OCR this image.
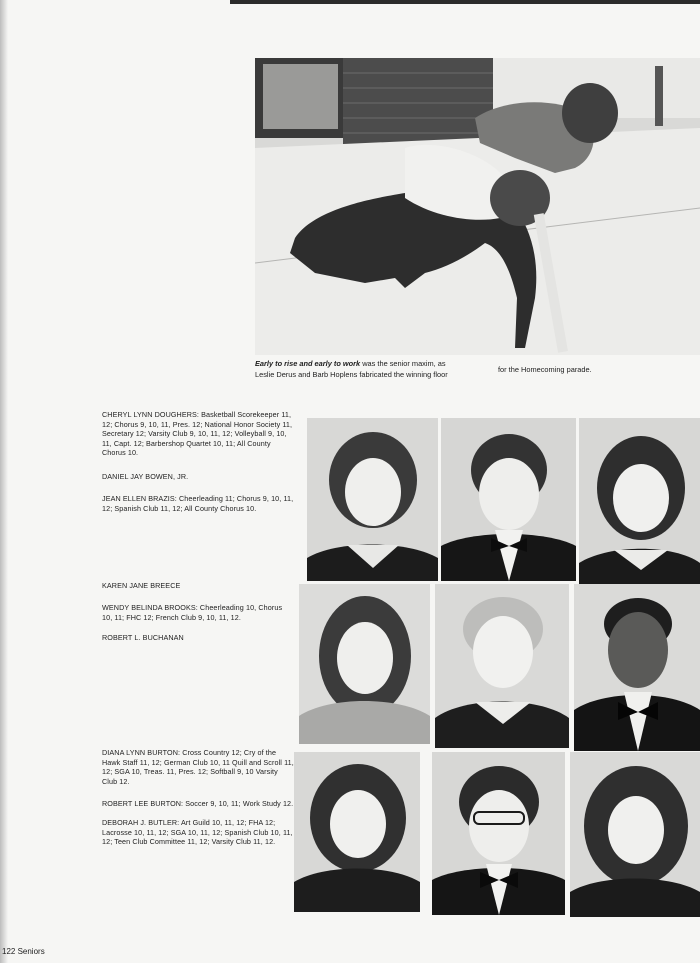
Early to rise and early to work was the senior maxim, as Leslie Derus and Barb Hoplens fabricated the winning floor
for the Homecoming parade.
CHERYL LYNN DOUGHERS: Basketball Scorekeeper 11, 12; Chorus 9, 10, 11, Pres. 12; National Honor Society 11, Secretary 12; Varsity Club 9, 10, 11, 12; Volleyball 9, 10, 11, Capt. 12; Barbershop Quartet 10, 11; All County Chorus 10.
DANIEL JAY BOWEN, JR.
JEAN ELLEN BRAZIS: Cheerleading 11; Chorus 9, 10, 11, 12; Spanish Club 11, 12; All County Chorus 10.
KAREN JANE BREECE
WENDY BELINDA BROOKS: Cheerleading 10, Chorus 10, 11; FHC 12; French Club 9, 10, 11, 12.
ROBERT L. BUCHANAN
DIANA LYNN BURTON: Cross Country 12; Cry of the Hawk Staff 11, 12; German Club 10, 11 Quill and Scroll 11, 12; SGA 10, Treas. 11, Pres. 12; Softball 9, 10 Varsity Club 12.
ROBERT LEE BURTON: Soccer 9, 10, 11; Work Study 12.
DEBORAH J. BUTLER: Art Guild 10, 11, 12; FHA 12; Lacrosse 10, 11, 12; SGA 10, 11, 12; Spanish Club 10, 11, 12; Teen Club Committee 11, 12; Varsity Club 11, 12.
122 Seniors
